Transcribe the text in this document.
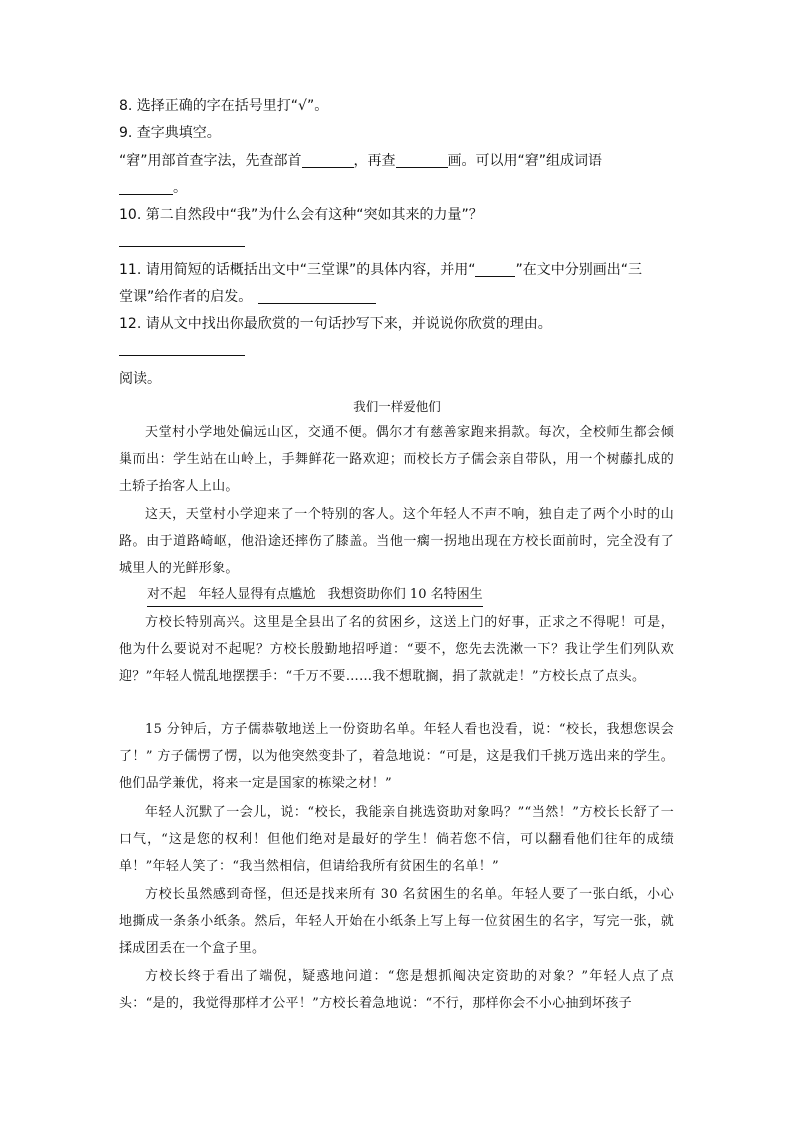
8. 选择正确的字在括号里打“√”。
9. 查字典填空。
“窘”用部首查字法，先查部首	，再查	画。可以用“窘”组成词语
。
10. 第二自然段中“我”为什么会有这种“突如其来的力量”？
11. 请用简短的话概括出文中“三堂课”的具体内容，并用“	”在文中分别画出“三
堂课”给作者的启发。
12. 请从文中找出你最欣赏的一句话抄写下来，并说说你欣赏的理由。
阅读。
我们一样爱他们
天堂村小学地处偏远山区，交通不便。偶尔才有慈善家跑来捐款。每次，全校师生都会倾巢而出：学生站在山岭上，手舞鲜花一路欢迎；而校长方子儒会亲自带队，用一个树藤扎成的土轿子抬客人上山。
这天，天堂村小学迎来了一个特别的客人。这个年轻人不声不响，独自走了两个小时的山路。由于道路崎岖，他沿途还摔伤了膝盖。当他一瘸一拐地出现在方校长面前时，完全没有了城里人的光鲜形象。
对不起   年轻人显得有点尴尬   我想资助你们 10 名特困生
方校长特别高兴。这里是全县出了名的贫困乡，这送上门的好事，正求之不得呢！可是，他为什么要说对不起呢？方校长殷勤地招呼道：“要不，您先去洗漱一下？我让学生们列队欢迎？”年轻人慌乱地摆摆手：“千万不要……我不想耽搁，捐了款就走！”方校长点了点头。
15 分钟后，方子儒恭敬地送上一份资助名单。年轻人看也没看，说：“校长，我想您误会了！” 方子儒愣了愣，以为他突然变卦了，着急地说：“可是，这是我们千挑万选出来的学生。他们品学兼优，将来一定是国家的栋梁之材！”
年轻人沉默了一会儿，说：“校长，我能亲自挑选资助对象吗？”“当然！”方校长长舒了一口气，“这是您的权利！但他们绝对是最好的学生！倘若您不信，可以翻看他们往年的成绩单！”年轻人笑了：“我当然相信，但请给我所有贫困生的名单！”
方校长虽然感到奇怪，但还是找来所有 30 名贫困生的名单。年轻人要了一张白纸，小心地撕成一条条小纸条。然后，年轻人开始在小纸条上写上每一位贫困生的名字，写完一张，就揉成团丢在一个盒子里。
方校长终于看出了端倪，疑惑地问道：“您是想抓阄决定资助的对象？”年轻人点了点头：“是的，我觉得那样才公平！”方校长着急地说：“不行，那样你会不小心抽到坏孩子
